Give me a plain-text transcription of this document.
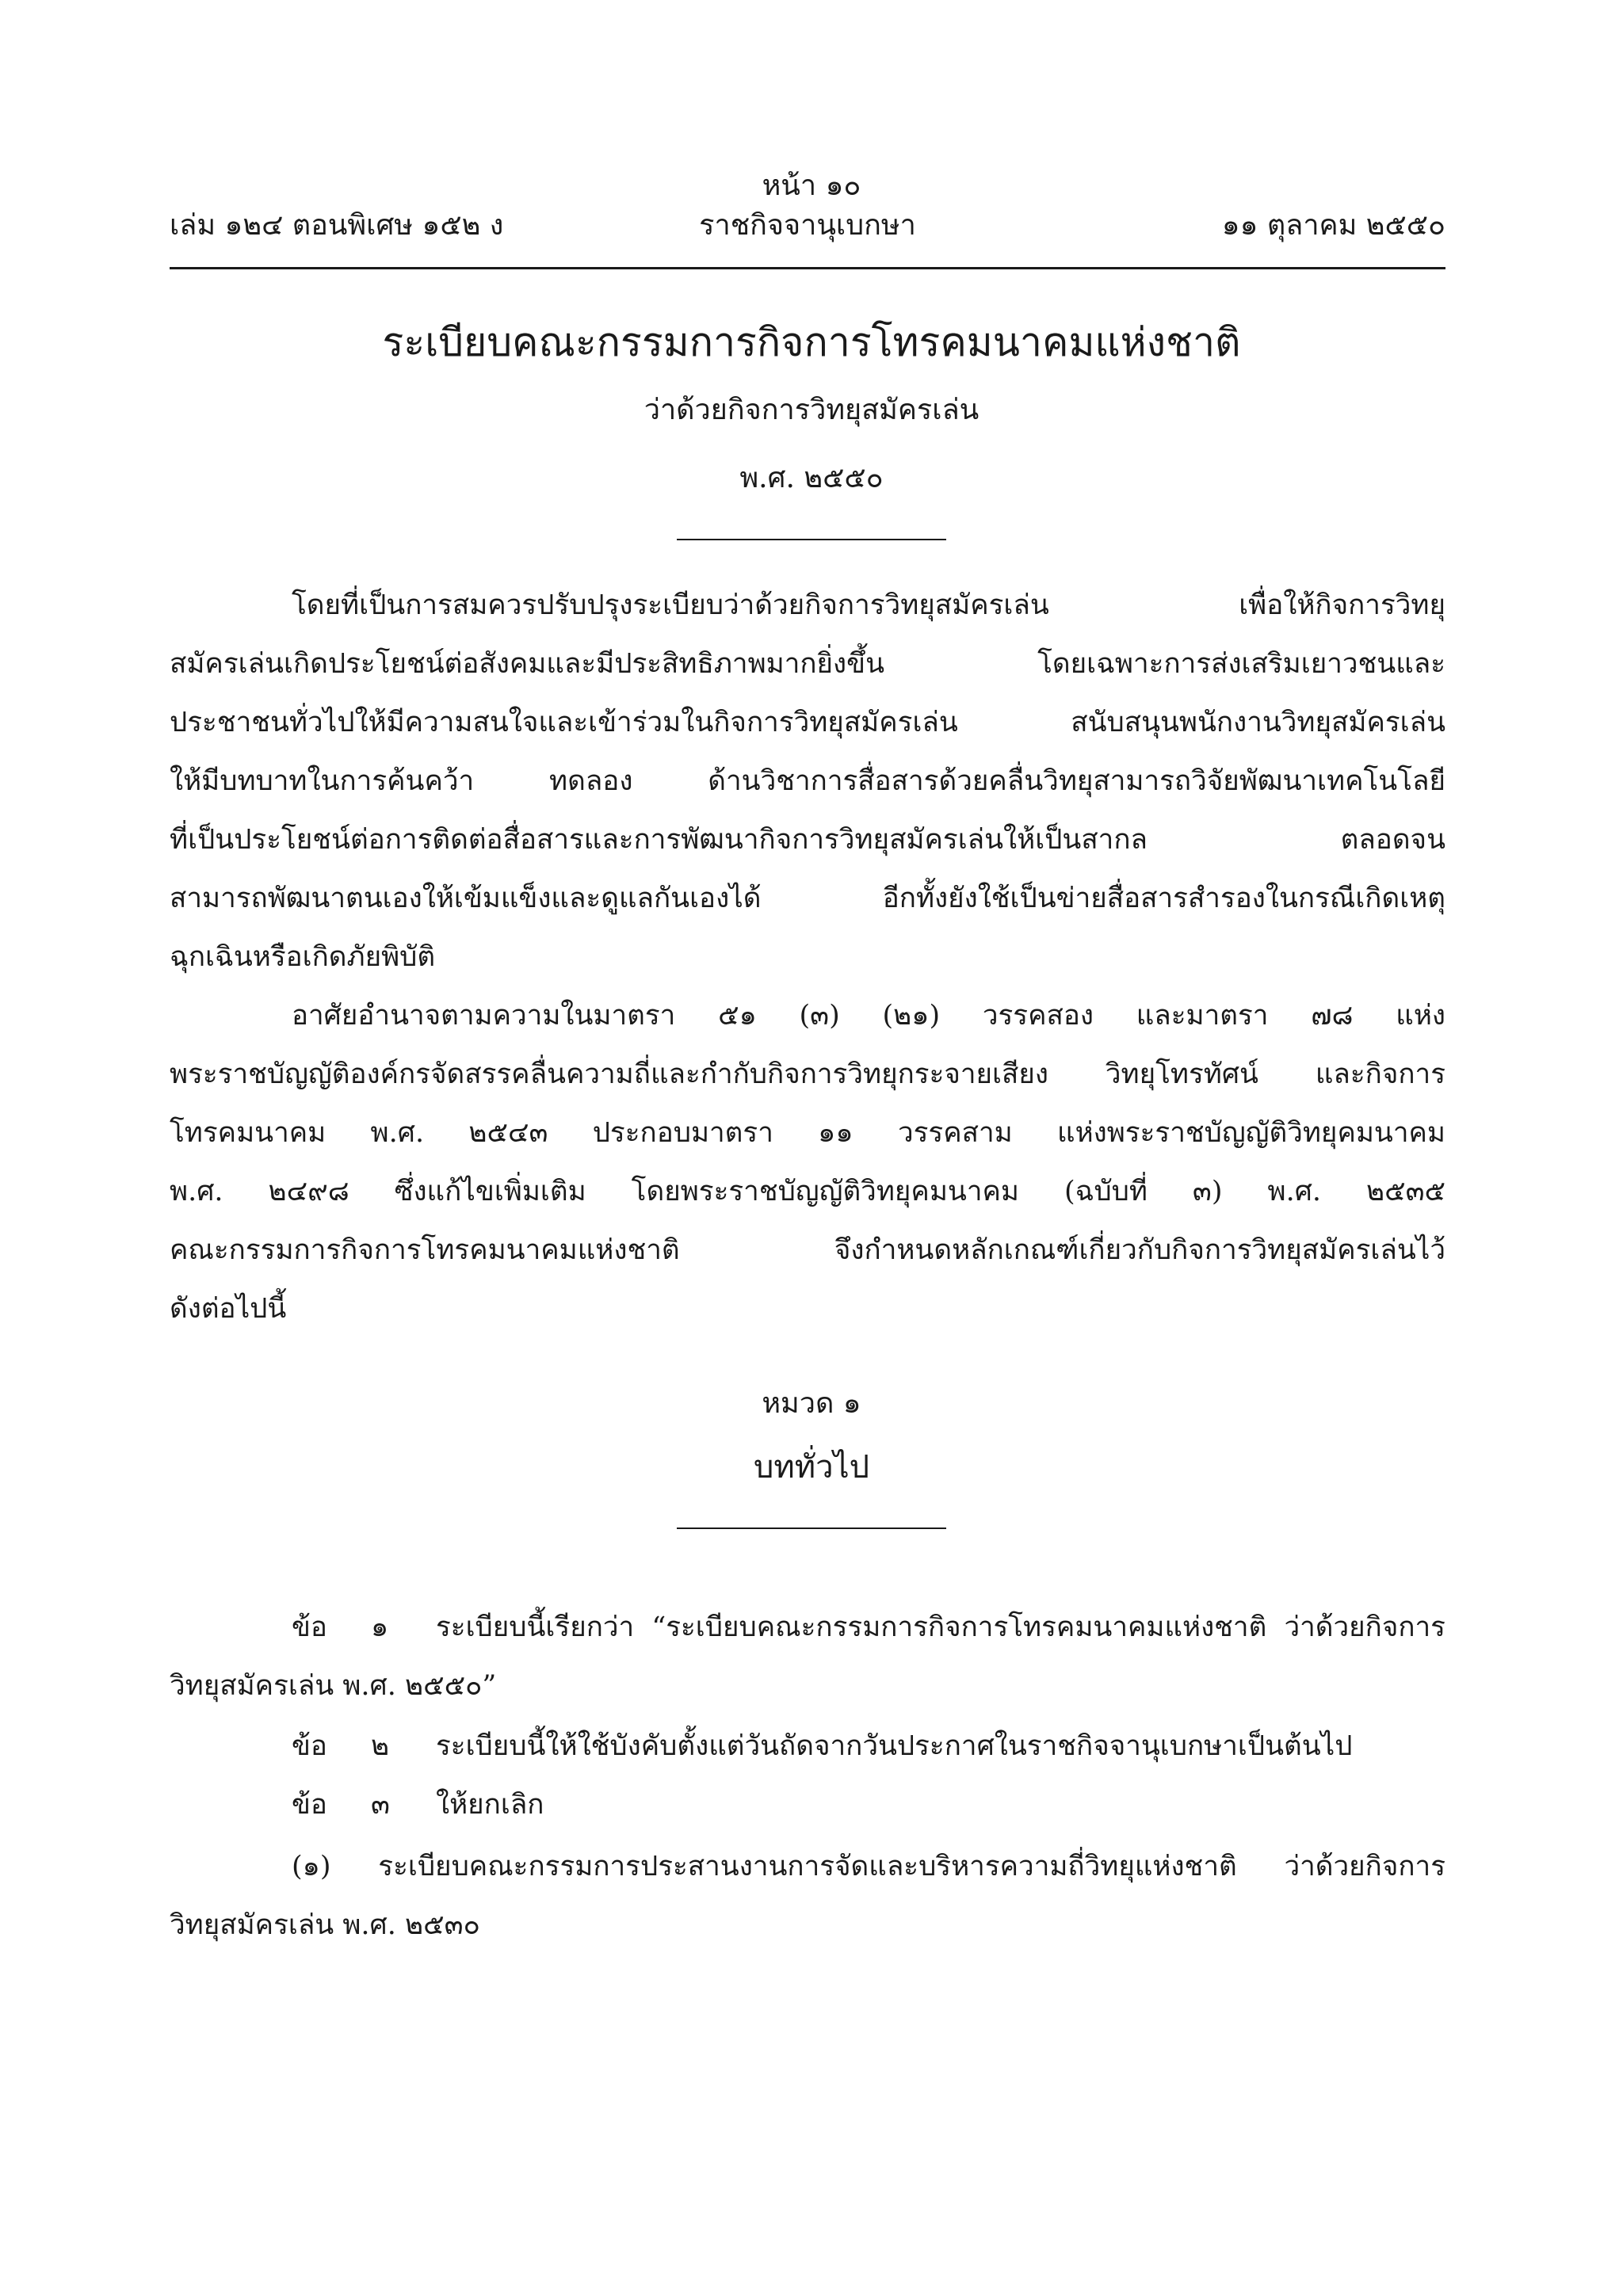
หน้า ๑๐
เล่ม ๑๒๔ ตอนพิเศษ ๑๕๒ ง	ราชกิจจานุเบกษา	๑๑ ตุลาคม ๒๕๕๐
ระเบียบคณะกรรมการกิจการโทรคมนาคมแห่งชาติ
ว่าด้วยกิจการวิทยุสมัครเล่น
พ.ศ. ๒๕๕๐
โดยที่เป็นการสมควรปรับปรุงระเบียบว่าด้วยกิจการวิทยุสมัครเล่น เพื่อให้กิจการวิทยุ
สมัครเล่นเกิดประโยชน์ต่อสังคมและมีประสิทธิภาพมากยิ่งขึ้น โดยเฉพาะการส่งเสริมเยาวชนและ
ประชาชนทั่วไปให้มีความสนใจและเข้าร่วมในกิจการวิทยุสมัครเล่น สนับสนุนพนักงานวิทยุสมัครเล่น
ให้มีบทบาทในการค้นคว้า ทดลอง ด้านวิชาการสื่อสารด้วยคลื่นวิทยุสามารถวิจัยพัฒนาเทคโนโลยี
ที่เป็นประโยชน์ต่อการติดต่อสื่อสารและการพัฒนากิจการวิทยุสมัครเล่นให้เป็นสากล ตลอดจน
สามารถพัฒนาตนเองให้เข้มแข็งและดูแลกันเองได้ อีกทั้งยังใช้เป็นข่ายสื่อสารสำรองในกรณีเกิดเหตุ
ฉุกเฉินหรือเกิดภัยพิบัติ
อาศัยอำนาจตามความในมาตรา ๕๑ (๓) (๒๑) วรรคสอง และมาตรา ๗๘ แห่ง
พระราชบัญญัติองค์กรจัดสรรคลื่นความถี่และกำกับกิจการวิทยุกระจายเสียง วิทยุโทรทัศน์ และกิจการ
โทรคมนาคม พ.ศ. ๒๕๔๓ ประกอบมาตรา ๑๑ วรรคสาม แห่งพระราชบัญญัติวิทยุคมนาคม
พ.ศ. ๒๔๙๘ ซึ่งแก้ไขเพิ่มเติม โดยพระราชบัญญัติวิทยุคมนาคม (ฉบับที่ ๓) พ.ศ. ๒๕๓๕
คณะกรรมการกิจการโทรคมนาคมแห่งชาติ จึงกำหนดหลักเกณฑ์เกี่ยวกับกิจการวิทยุสมัครเล่นไว้
ดังต่อไปนี้
หมวด ๑
บททั่วไป
ข้อ	๑	ระเบียบนี้เรียกว่า “ระเบียบคณะกรรมการกิจการโทรคมนาคมแห่งชาติ ว่าด้วยกิจการ
วิทยุสมัครเล่น พ.ศ. ๒๕๕๐”
ข้อ ๒ ระเบียบนี้ให้ใช้บังคับตั้งแต่วันถัดจากวันประกาศในราชกิจจานุเบกษาเป็นต้นไป
ข้อ ๓ ให้ยกเลิก
(๑) ระเบียบคณะกรรมการประสานงานการจัดและบริหารความถี่วิทยุแห่งชาติ ว่าด้วยกิจการ
วิทยุสมัครเล่น พ.ศ. ๒๕๓๐
